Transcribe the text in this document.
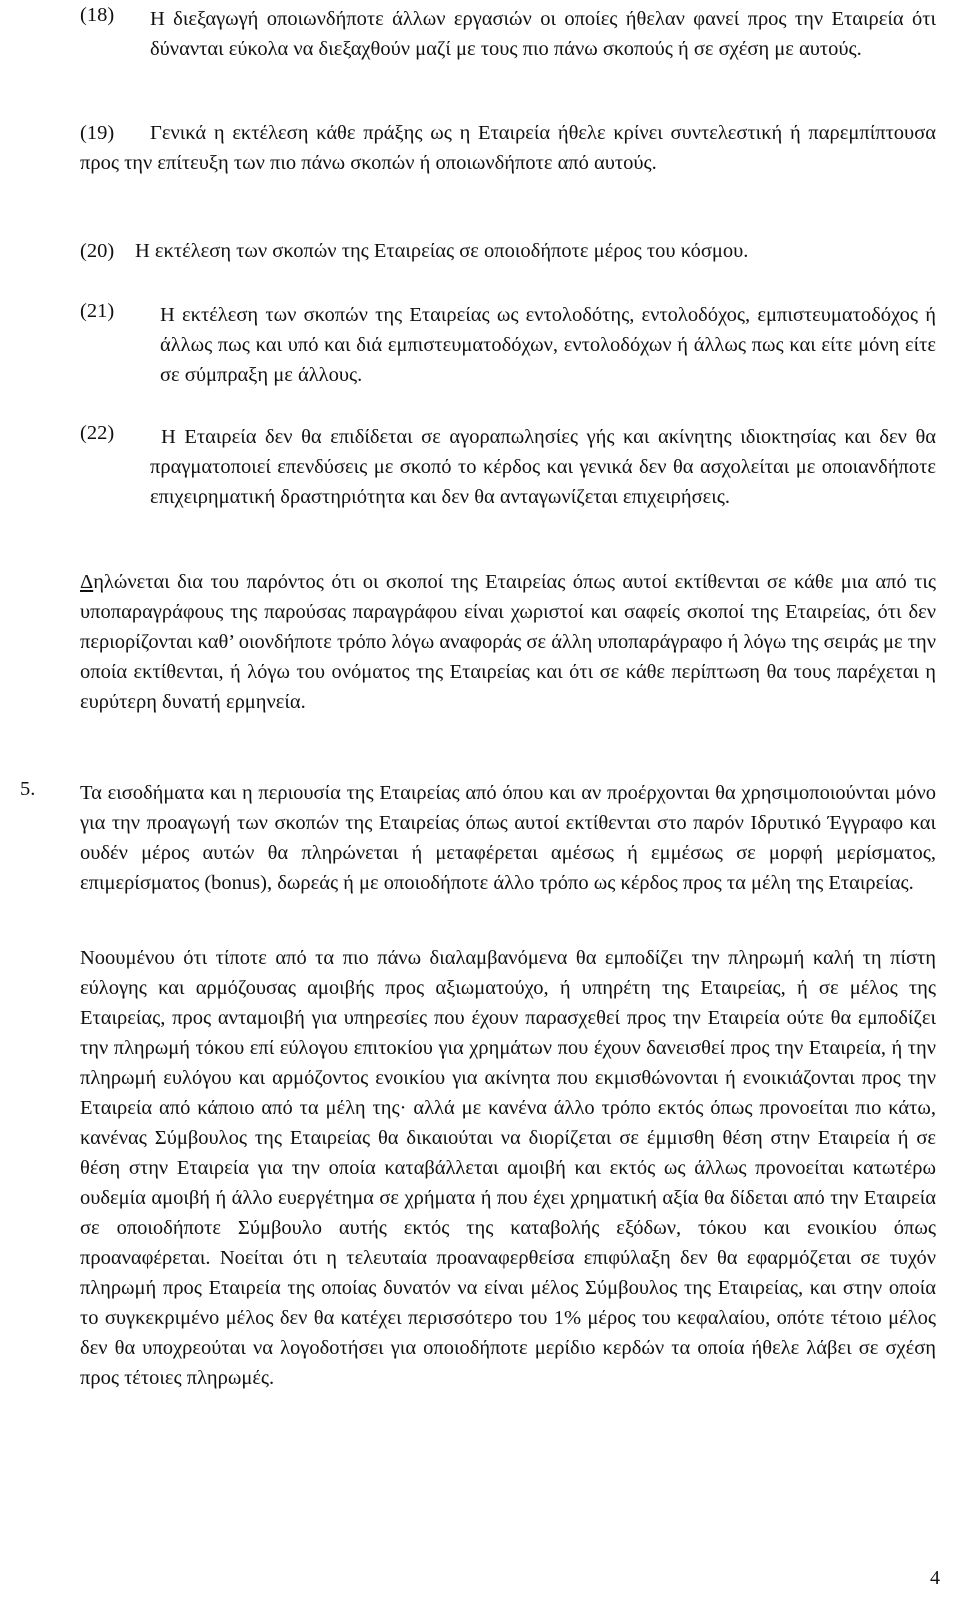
(18) Η διεξαγωγή οποιωνδήποτε άλλων εργασιών οι οποίες ήθελαν φανεί προς την Εταιρεία ότι δύνανται εύκολα να διεξαχθούν μαζί με τους πιο πάνω σκοπούς ή σε σχέση με αυτούς.
(19) Γενικά η εκτέλεση κάθε πράξης ως η Εταιρεία ήθελε κρίνει συντελεστική ή παρεμπίπτουσα προς την επίτευξη των πιο πάνω σκοπών ή οποιωνδήποτε από αυτούς.
(20) Η εκτέλεση των σκοπών της Εταιρείας σε οποιοδήποτε μέρος του κόσμου.
(21) Η εκτέλεση των σκοπών της Εταιρείας ως εντολοδότης, εντολοδόχος, εμπιστευματοδόχος ή άλλως πως και υπό και διά εμπιστευματοδόχων, εντολοδόχων ή άλλως πως και είτε μόνη είτε σε σύμπραξη με άλλους.
(22)	Η Εταιρεία δεν θα επιδίδεται σε αγοραπωλησίες γής και ακίνητης ιδιοκτησίας και δεν θα πραγματοποιεί επενδύσεις με σκοπό το κέρδος και γενικά δεν θα ασχολείται με οποιανδήποτε επιχειρηματική δραστηριότητα και δεν θα ανταγωνίζεται επιχειρήσεις.
Δηλώνεται δια του παρόντος ότι οι σκοποί της Εταιρείας όπως αυτοί εκτίθενται σε κάθε μια από τις υποπαραγράφους της παρούσας παραγράφου είναι χωριστοί και σαφείς σκοποί της Εταιρείας, ότι δεν περιορίζονται καθ’ οιονδήποτε τρόπο λόγω αναφοράς σε άλλη υποπαράγραφο ή λόγω της σειράς με την οποία εκτίθενται, ή λόγω του ονόματος της Εταιρείας και ότι σε κάθε περίπτωση θα τους παρέχεται η ευρύτερη δυνατή ερμηνεία.
5. Τα εισοδήματα και η περιουσία της Εταιρείας από όπου και αν προέρχονται θα χρησιμοποιούνται μόνο για την προαγωγή των σκοπών της Εταιρείας όπως αυτοί εκτίθενται στο παρόν Ιδρυτικό Έγγραφο και ουδέν μέρος αυτών θα πληρώνεται ή μεταφέρεται αμέσως ή εμμέσως σε μορφή μερίσματος, επιμερίσματος (bonus), δωρεάς ή με οποιοδήποτε άλλο τρόπο ως κέρδος προς τα μέλη της Εταιρείας.
Νοουμένου ότι τίποτε από τα πιο πάνω διαλαμβανόμενα θα εμποδίζει την πληρωμή καλή τη πίστη εύλογης και αρμόζουσας αμοιβής προς αξιωματούχο, ή υπηρέτη της Εταιρείας, ή σε μέλος της Εταιρείας, προς ανταμοιβή για υπηρεσίες που έχουν παρασχεθεί προς την Εταιρεία ούτε θα εμποδίζει την πληρωμή τόκου επί εύλογου επιτοκίου για χρημάτων που έχουν δανεισθεί προς την Εταιρεία, ή την πληρωμή ευλόγου και αρμόζοντος ενοικίου για ακίνητα που εκμισθώνονται ή ενοικιάζονται προς την Εταιρεία από κάποιο από τα μέλη της· αλλά με κανένα άλλο τρόπο εκτός όπως προνοείται πιο κάτω, κανένας Σύμβουλος της Εταιρείας θα δικαιούται να διορίζεται σε έμμισθη θέση στην Εταιρεία ή σε θέση στην Εταιρεία για την οποία καταβάλλεται αμοιβή και εκτός ως άλλως προνοείται κατωτέρω ουδεμία αμοιβή ή άλλο ευεργέτημα σε χρήματα ή που έχει χρηματική αξία θα δίδεται από την Εταιρεία σε οποιοδήποτε Σύμβουλο αυτής εκτός της καταβολής εξόδων, τόκου και ενοικίου όπως προαναφέρεται. Νοείται ότι η τελευταία προαναφερθείσα επιφύλαξη δεν θα εφαρμόζεται σε τυχόν πληρωμή προς Εταιρεία της οποίας δυνατόν να είναι μέλος Σύμβουλος της Εταιρείας, και στην οποία το συγκεκριμένο μέλος δεν θα κατέχει περισσότερο του 1% μέρος του κεφαλαίου, οπότε τέτοιο μέλος δεν θα υποχρεούται να λογοδοτήσει για οποιοδήποτε μερίδιο κερδών τα οποία ήθελε λάβει σε σχέση προς τέτοιες πληρωμές.
4
